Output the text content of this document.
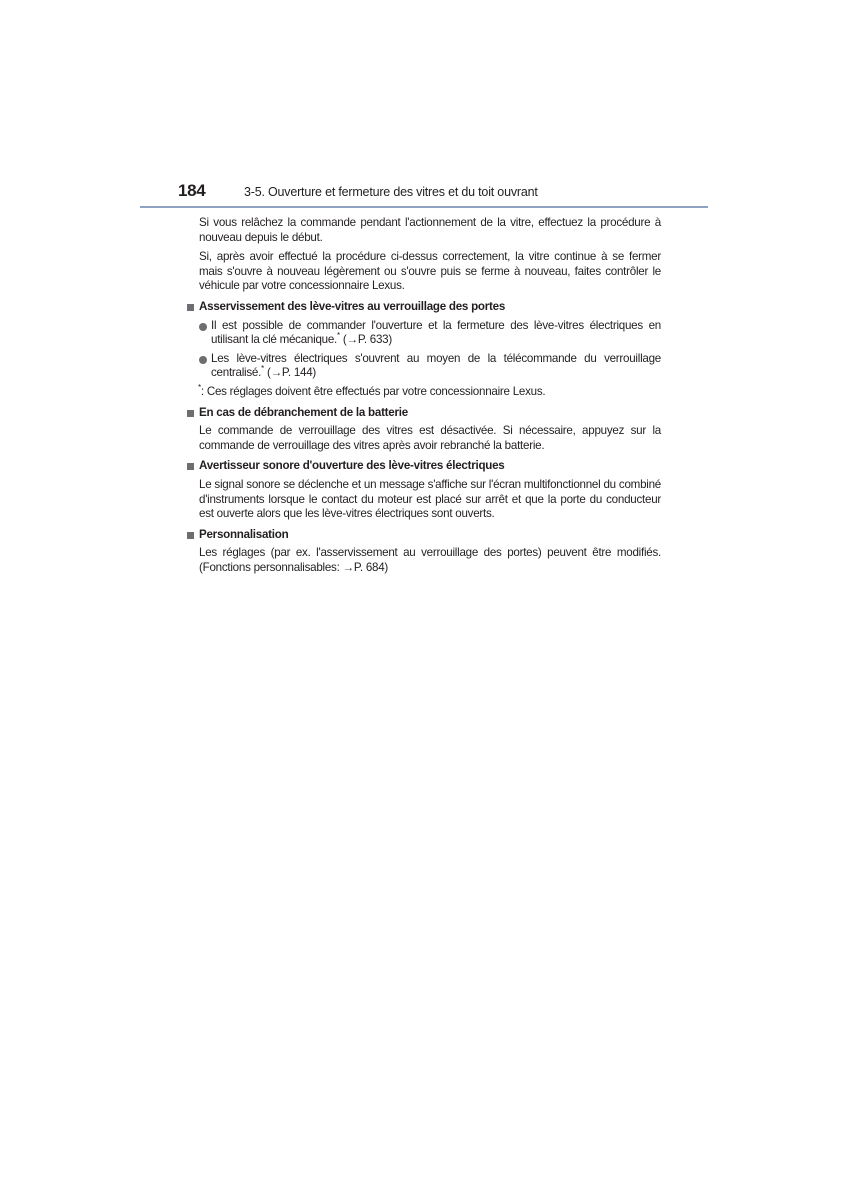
184	3-5. Ouverture et fermeture des vitres et du toit ouvrant

Si vous relâchez la commande pendant l'actionnement de la vitre, effectuez la procédure à nouveau depuis le début.

Si, après avoir effectué la procédure ci-dessus correctement, la vitre continue à se fermer mais s'ouvre à nouveau légèrement ou s'ouvre puis se ferme à nouveau, faites contrôler le véhicule par votre concessionnaire Lexus.

Asservissement des lève-vitres au verrouillage des portes
Il est possible de commander l'ouverture et la fermeture des lève-vitres électriques en utilisant la clé mécanique.* (→P. 633)
Les lève-vitres électriques s'ouvrent au moyen de la télécommande du verrouillage centralisé.* (→P. 144)

*: Ces réglages doivent être effectués par votre concessionnaire Lexus.

En cas de débranchement de la batterie

Le commande de verrouillage des vitres est désactivée. Si nécessaire, appuyez sur la commande de verrouillage des vitres après avoir rebranché la batterie.

Avertisseur sonore d'ouverture des lève-vitres électriques

Le signal sonore se déclenche et un message s'affiche sur l'écran multifonctionnel du combiné d'instruments lorsque le contact du moteur est placé sur arrêt et que la porte du conducteur est ouverte alors que les lève-vitres électriques sont ouverts.

Personnalisation

Les réglages (par ex. l'asservissement au verrouillage des portes) peuvent être modifiés. (Fonctions personnalisables: →P. 684)
